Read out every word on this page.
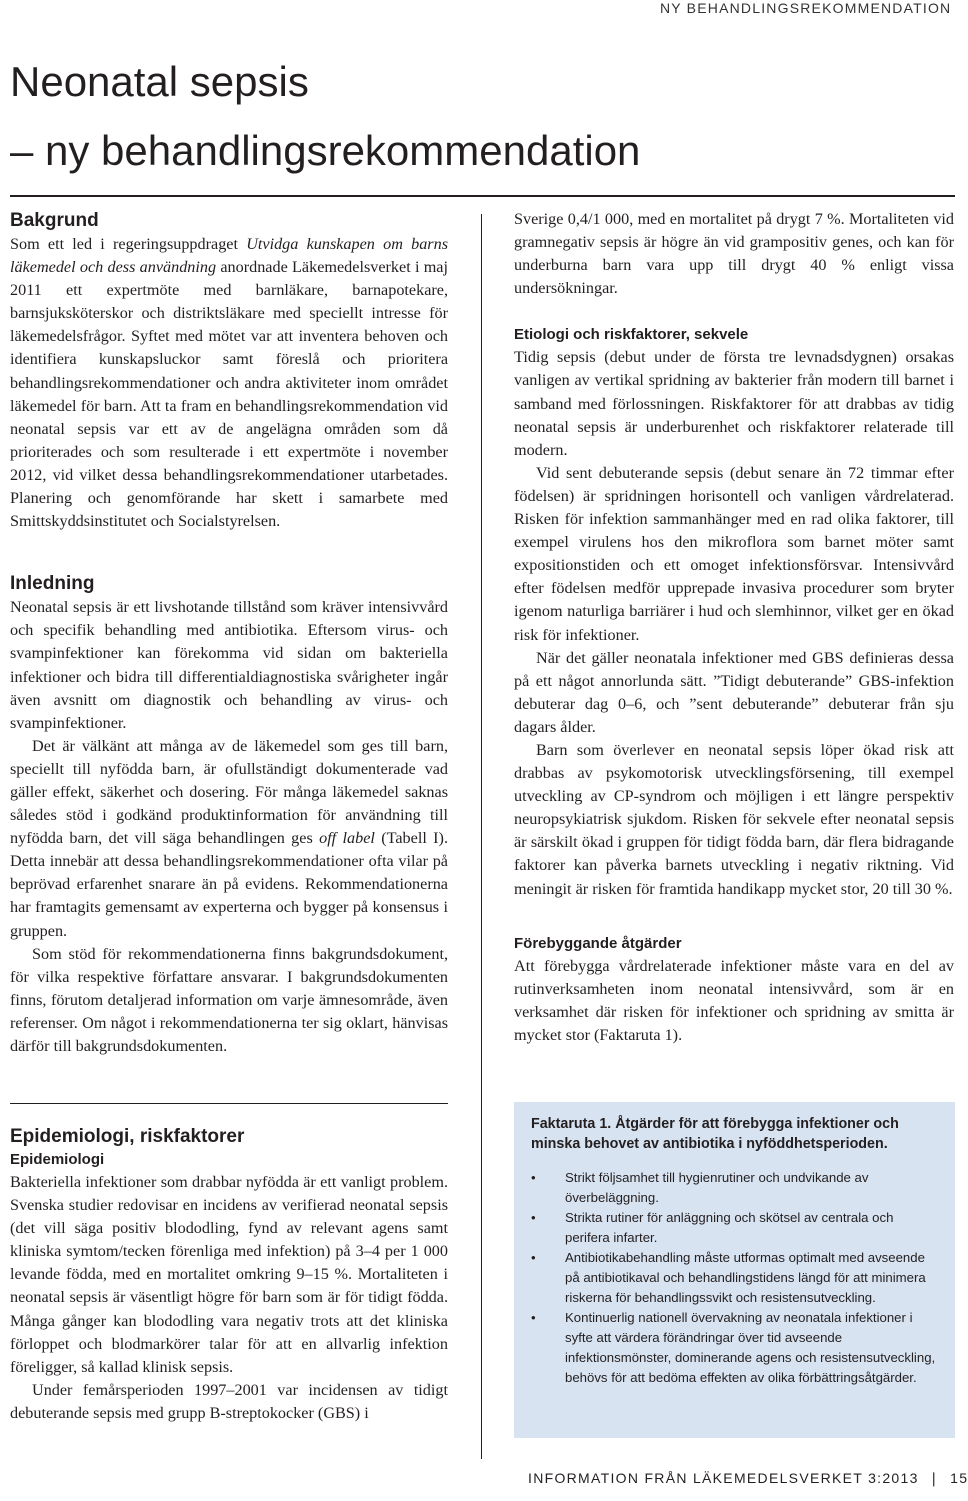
NY BEHANDLINGSREKOMMENDATION
Neonatal sepsis
– ny behandlingsrekommendation
Bakgrund

Som ett led i regeringsuppdraget Utvidga kunskapen om barns läkemedel och dess användning anordnade Läkemedelsverket i maj 2011 ett expertmöte med barnläkare, barnapotekare, barnsjuksköterskor och distriktsläkare med speciellt intresse för läkemedelsfrågor. Syftet med mötet var att inventera behoven och identifiera kunskapsluckor samt föreslå och prioritera behandlingsrekommendationer och andra aktiviteter inom området läkemedel för barn. Att ta fram en behandlingsrekommendation vid neonatal sepsis var ett av de angelägna områden som då prioriterades och som resulterade i ett expertmöte i november 2012, vid vilket dessa behandlingsrekommendationer utarbetades. Planering och genomförande har skett i samarbete med Smittskyddsinstitutet och Socialstyrelsen.

Inledning

Neonatal sepsis är ett livshotande tillstånd som kräver intensivvård och specifik behandling med antibiotika. Eftersom virus- och svampinfektioner kan förekomma vid sidan om bakteriella infektioner och bidra till differentialdiagnostiska svårigheter ingår även avsnitt om diagnostik och behandling av virus- och svampinfektioner.

Det är välkänt att många av de läkemedel som ges till barn, speciellt till nyfödda barn, är ofullständigt dokumenterade vad gäller effekt, säkerhet och dosering. För många läkemedel saknas således stöd i godkänd produktinformation för användning till nyfödda barn, det vill säga behandlingen ges off label (Tabell I). Detta innebär att dessa behandlingsrekommendationer ofta vilar på beprövad erfarenhet snarare än på evidens. Rekommendationerna har framtagits gemensamt av experterna och bygger på konsensus i gruppen.

Som stöd för rekommendationerna finns bakgrundsdokument, för vilka respektive författare ansvarar. I bakgrundsdokumenten finns, förutom detaljerad information om varje ämnesområde, även referenser. Om något i rekommendationerna ter sig oklart, hänvisas därför till bakgrundsdokumenten.

Epidemiologi, riskfaktorer
Epidemiologi

Bakteriella infektioner som drabbar nyfödda är ett vanligt problem. Svenska studier redovisar en incidens av verifierad neonatal sepsis (det vill säga positiv blododling, fynd av relevant agens samt kliniska symtom/tecken förenliga med infektion) på 3–4 per 1 000 levande födda, med en mortalitet omkring 9–15 %. Mortaliteten i neonatal sepsis är väsentligt högre för barn som är för tidigt födda. Många gånger kan blododling vara negativ trots att det kliniska förloppet och blodmarkörer talar för att en allvarlig infektion föreligger, så kallad klinisk sepsis.

Under femårsperioden 1997–2001 var incidensen av tidigt debuterande sepsis med grupp B-streptokocker (GBS) i

Sverige 0,4/1 000, med en mortalitet på drygt 7 %. Mortaliteten vid gramnegativ sepsis är högre än vid grampositiv genes, och kan för underburna barn vara upp till drygt 40 % enligt vissa undersökningar.

Etiologi och riskfaktorer, sekvele

Tidig sepsis (debut under de första tre levnadsdygnen) orsakas vanligen av vertikal spridning av bakterier från modern till barnet i samband med förlossningen. Riskfaktorer för att drabbas av tidig neonatal sepsis är underburenhet och riskfaktorer relaterade till modern.

Vid sent debuterande sepsis (debut senare än 72 timmar efter födelsen) är spridningen horisontell och vanligen vårdrelaterad. Risken för infektion sammanhänger med en rad olika faktorer, till exempel virulens hos den mikroflora som barnet möter samt expositionstiden och ett omoget infektionsförsvar. Intensivvård efter födelsen medför upprepade invasiva procedurer som bryter igenom naturliga barriärer i hud och slemhinnor, vilket ger en ökad risk för infektioner.

När det gäller neonatala infektioner med GBS definieras dessa på ett något annorlunda sätt. ”Tidigt debuterande” GBS-infektion debuterar dag 0–6, och ”sent debuterande” debuterar från sju dagars ålder.

Barn som överlever en neonatal sepsis löper ökad risk att drabbas av psykomotorisk utvecklingsförsening, till exempel utveckling av CP-syndrom och möjligen i ett längre perspektiv neuropsykiatrisk sjukdom. Risken för sekvele efter neonatal sepsis är särskilt ökad i gruppen för tidigt födda barn, där flera bidragande faktorer kan påverka barnets utveckling i negativ riktning. Vid meningit är risken för framtida handikapp mycket stor, 20 till 30 %.

Förebyggande åtgärder

Att förebygga vårdrelaterade infektioner måste vara en del av rutinverksamheten inom neonatal intensivvård, som är en verksamhet där risken för infektioner och spridning av smitta är mycket stor (Faktaruta 1).

Faktaruta 1. Åtgärder för att förebygga infektioner och minska behovet av antibiotika i nyföddhetsperioden.
• Strikt följsamhet till hygienrutiner och undvikande av överbeläggning.
• Strikta rutiner för anläggning och skötsel av centrala och perifera infarter.
• Antibiotikabehandling måste utformas optimalt med avseende på antibiotikaval och behandlingstidens längd för att minimera riskerna för behandlingssvikt och resistensutveckling.
• Kontinuerlig nationell övervakning av neonatala infektioner i syfte att värdera förändringar över tid avseende infektionsmönster, dominerande agens och resistensutveckling, behövs för att bedöma effekten av olika förbättringsåtgärder.
INFORMATION FRÅN LÄKEMEDELSVERKET 3:2013 ❘ 15
